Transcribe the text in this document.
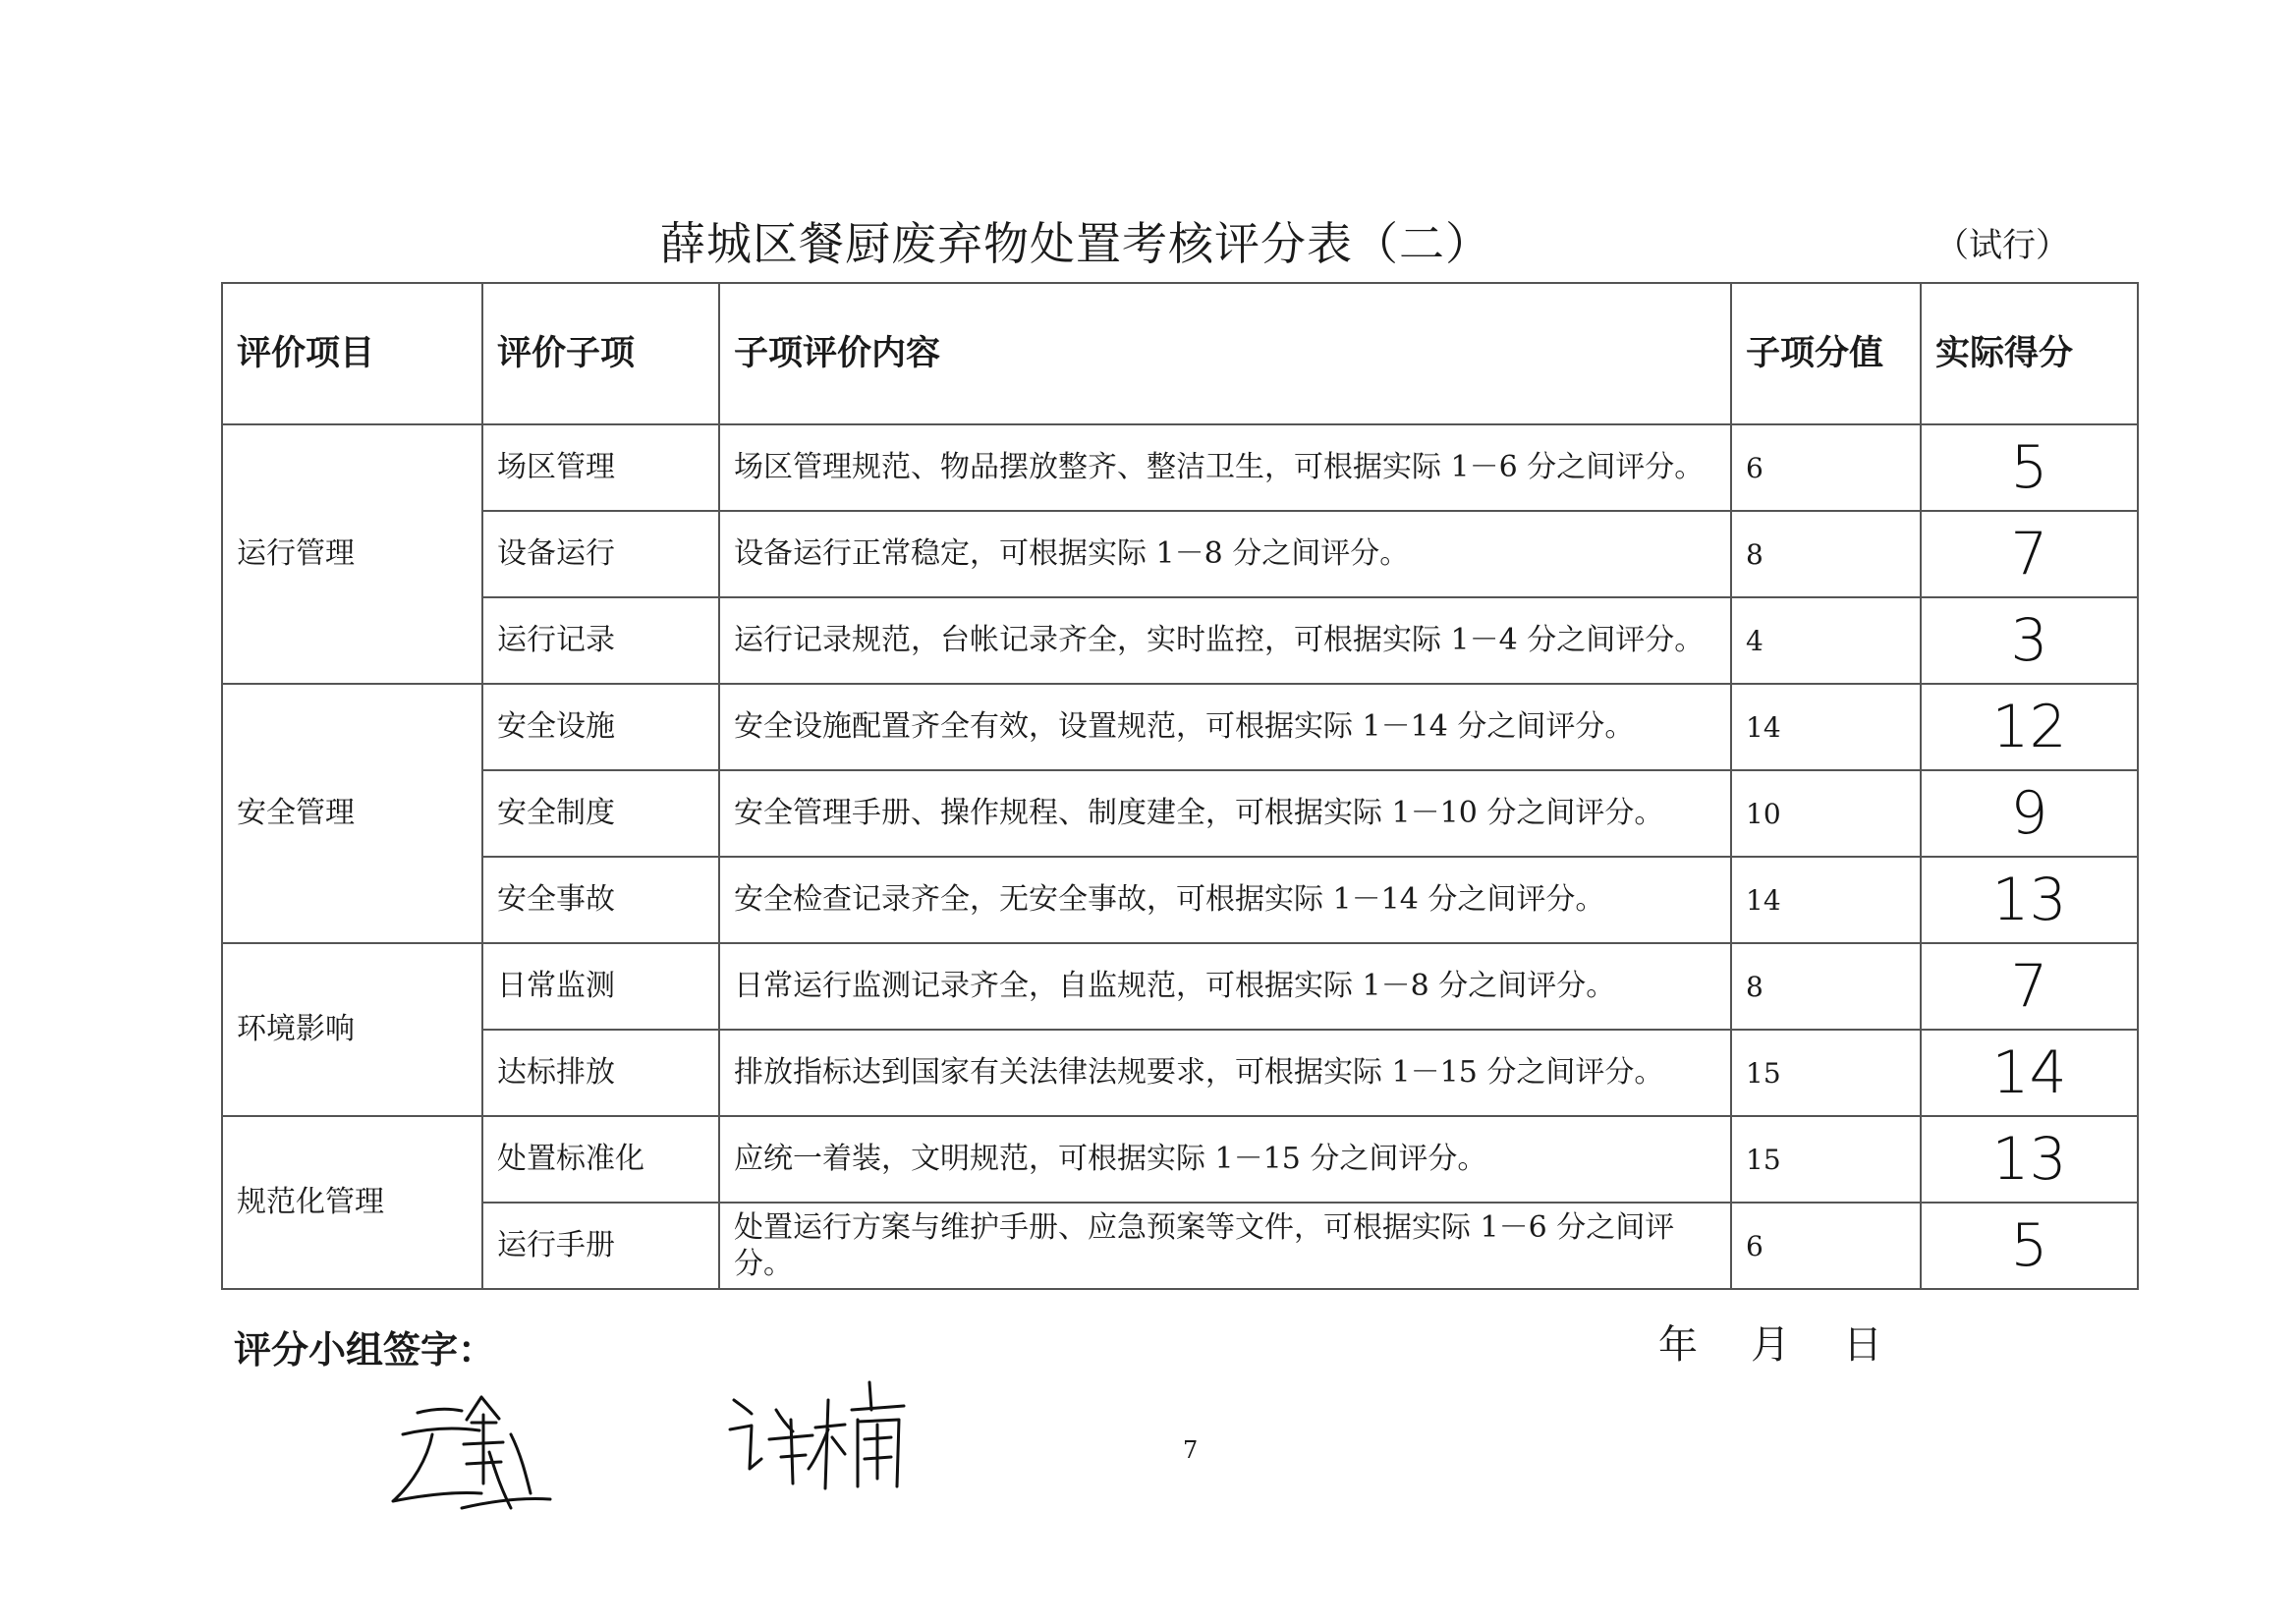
薛城区餐厨废弃物处置考核评分表（二）	（试行）
评价项目	评价子项	子项评价内容	子项分值	实际得分
运行管理	场区管理	场区管理规范、物品摆放整齐、整洁卫生，可根据实际 1－6 分之间评分。	6	5
	设备运行	设备运行正常稳定，可根据实际 1－8 分之间评分。	8	7
	运行记录	运行记录规范，台帐记录齐全，实时监控，可根据实际 1－4 分之间评分。	4	3
安全管理	安全设施	安全设施配置齐全有效，设置规范，可根据实际 1－14 分之间评分。	14	12
	安全制度	安全管理手册、操作规程、制度建全，可根据实际 1－10 分之间评分。	10	9
	安全事故	安全检查记录齐全，无安全事故，可根据实际 1－14 分之间评分。	14	13
环境影响	日常监测	日常运行监测记录齐全，自监规范，可根据实际 1－8 分之间评分。	8	7
	达标排放	排放指标达到国家有关法律法规要求，可根据实际 1－15 分之间评分。	15	14
规范化管理	处置标准化	应统一着装，文明规范，可根据实际 1－15 分之间评分。	15	13
	运行手册	处置运行方案与维护手册、应急预案等文件，可根据实际 1－6 分之间评分。	6	5
评分小组签字：	年	月	日
7
